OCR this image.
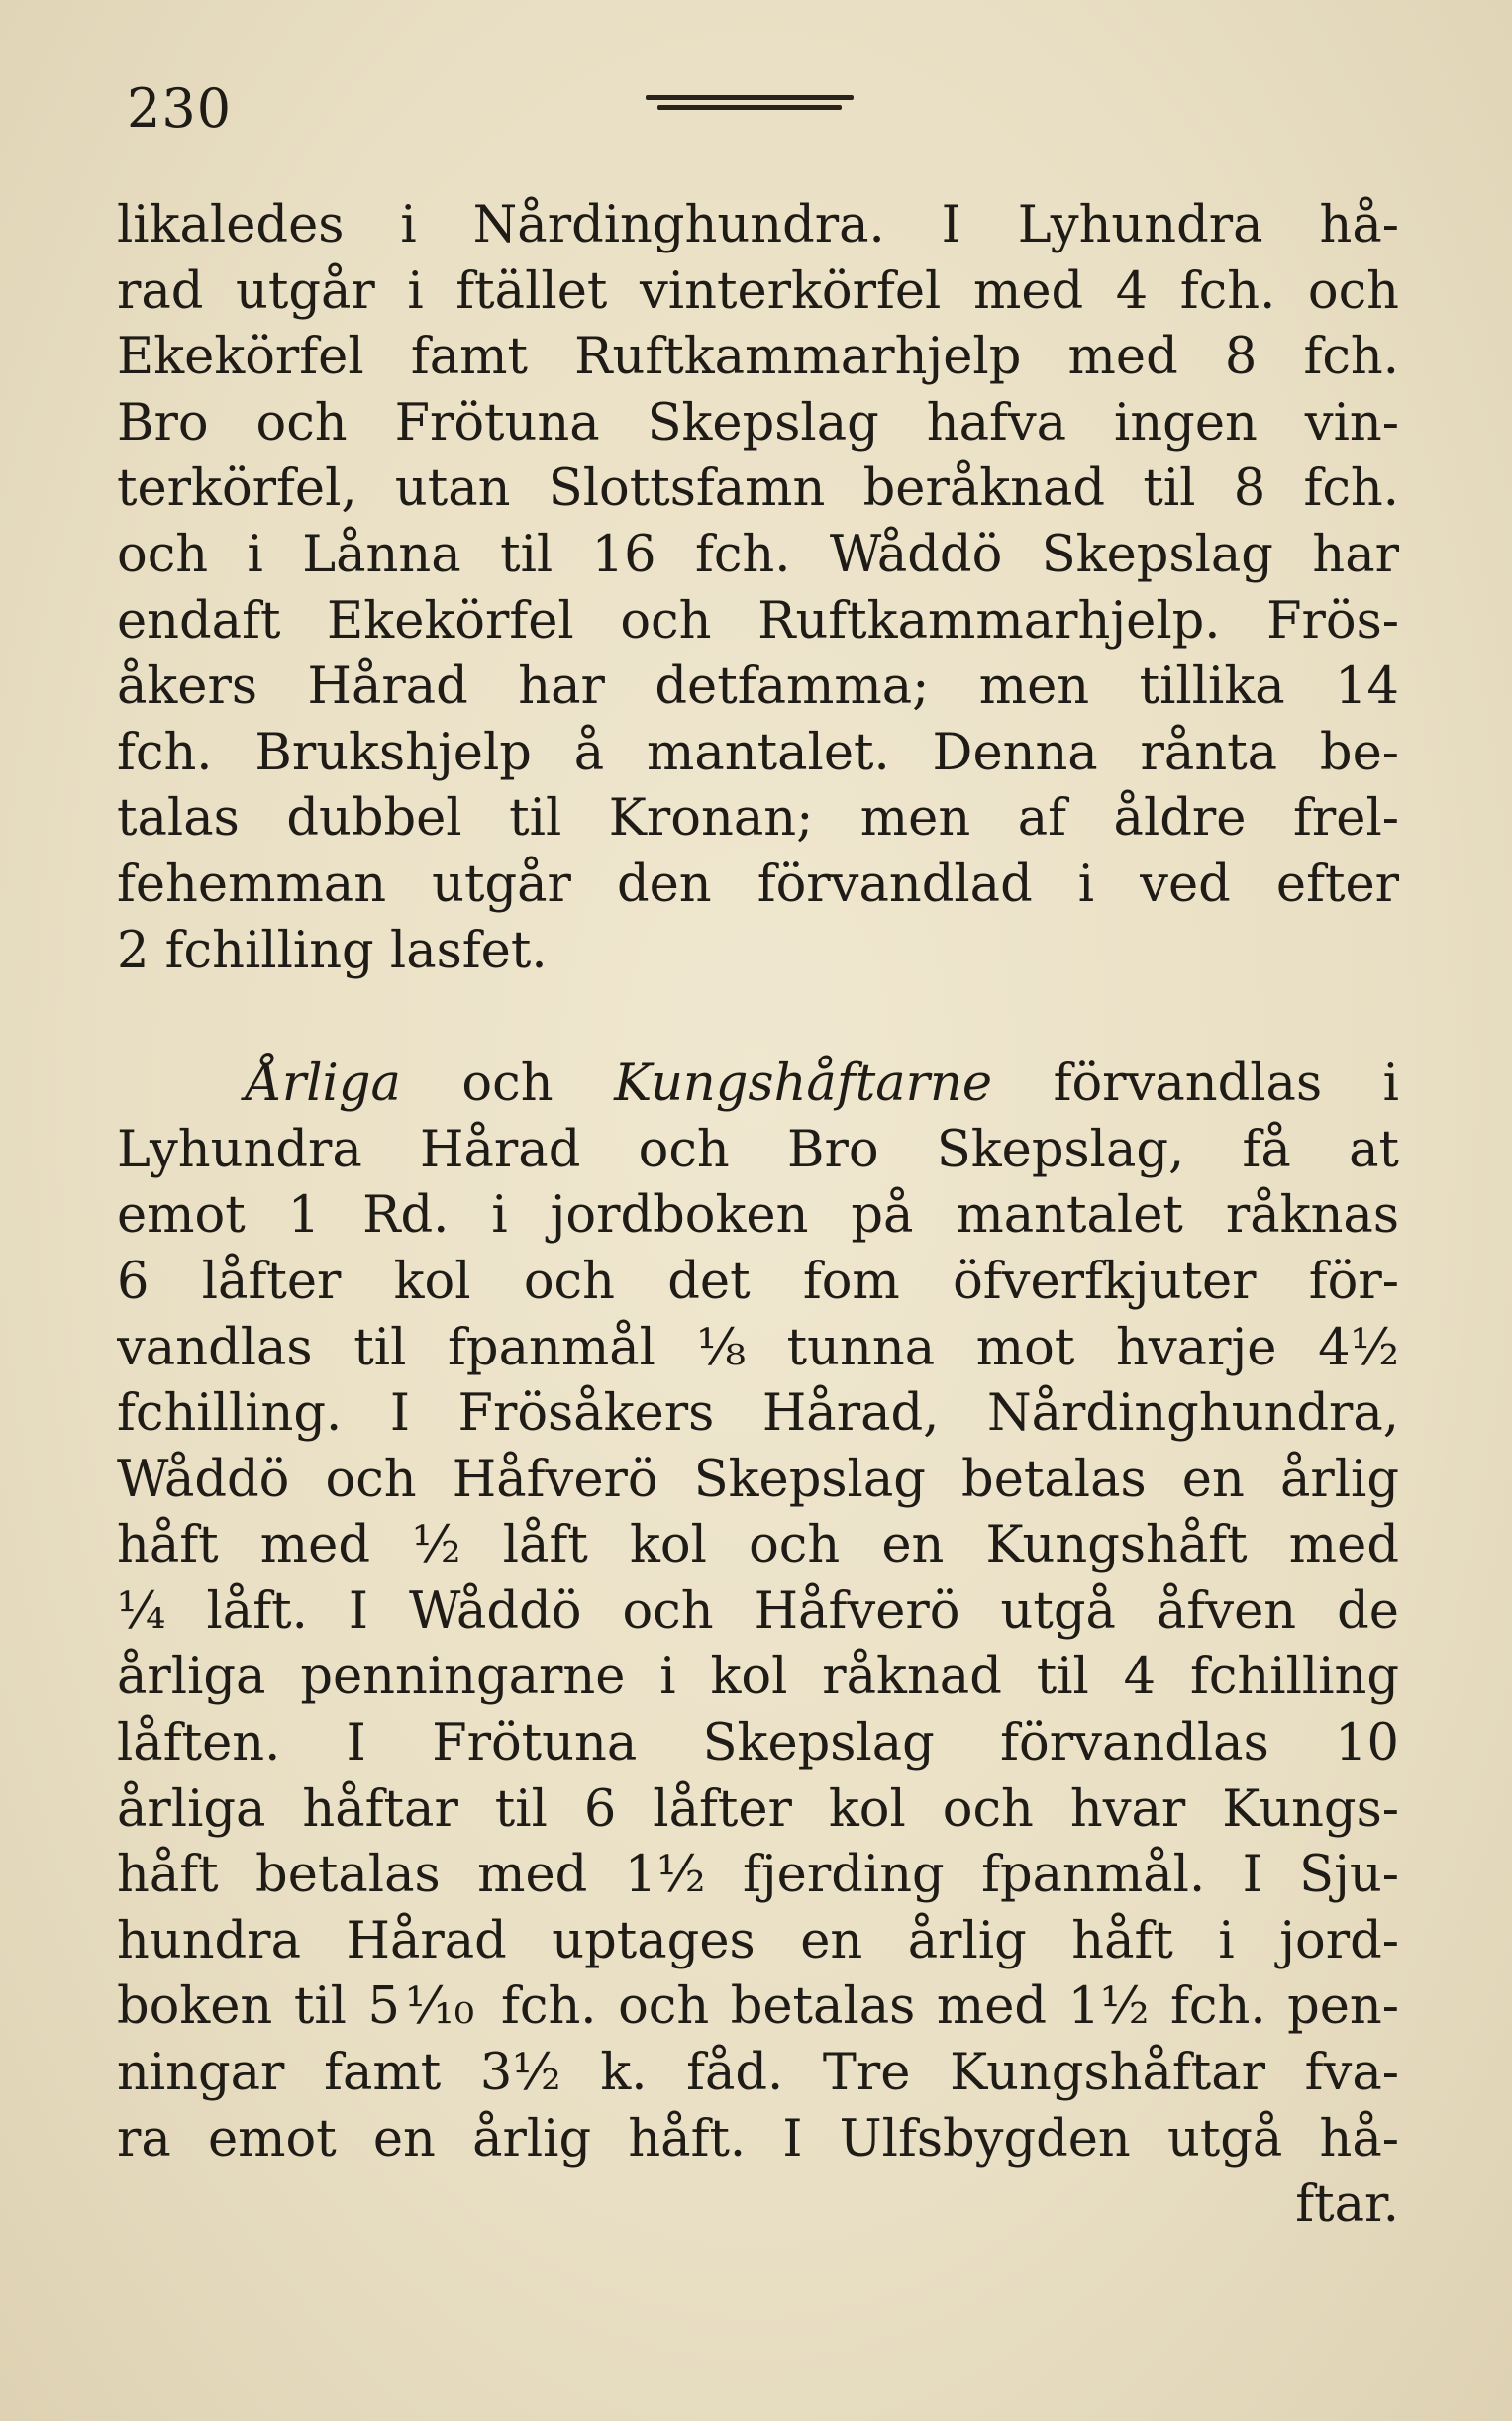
230
likaledes i Nårdinghundra. I Lyhundra hå-
rad utgår i ftället vinterkörfel med 4 fch. och
Ekekörfel famt Ruftkammarhjelp med 8 fch.
Bro och Frötuna Skepslag hafva ingen vin-
terkörfel, utan Slottsfamn beråknad til 8 fch.
och i Lånna til 16 fch. Wåddö Skepslag har
endaft Ekekörfel och Ruftkammarhjelp. Frös-
åkers Hårad har detfamma; men tillika 14
fch. Brukshjelp å mantalet. Denna rånta be-
talas dubbel til Kronan; men af åldre frel-
fehemman utgår den förvandlad i ved efter
2 fchilling lasfet.
Årliga och Kungshåftarne förvandlas i
Lyhundra Hårad och Bro Skepslag, få at
emot 1 Rd. i jordboken på mantalet råknas
6 låfter kol och det fom öfverfkjuter för-
vandlas til fpanmål ⅛ tunna mot hvarje 4½
fchilling. I Frösåkers Hårad, Nårdinghundra,
Wåddö och Håfverö Skepslag betalas en årlig
håft med ½ låft kol och en Kungshåft med
¼ låft. I Wåddö och Håfverö utgå åfven de
årliga penningarne i kol råknad til 4 fchilling
låften. I Frötuna Skepslag förvandlas 10
årliga håftar til 6 låfter kol och hvar Kungs-
håft betalas med 1½ fjerding fpanmål. I Sju-
hundra Hårad uptages en årlig håft i jord-
boken til 5⅒ fch. och betalas med 1½ fch. pen-
ningar famt 3½ k. fåd. Tre Kungshåftar fva-
ra emot en årlig håft. I Ulfsbygden utgå hå-
ftar.
